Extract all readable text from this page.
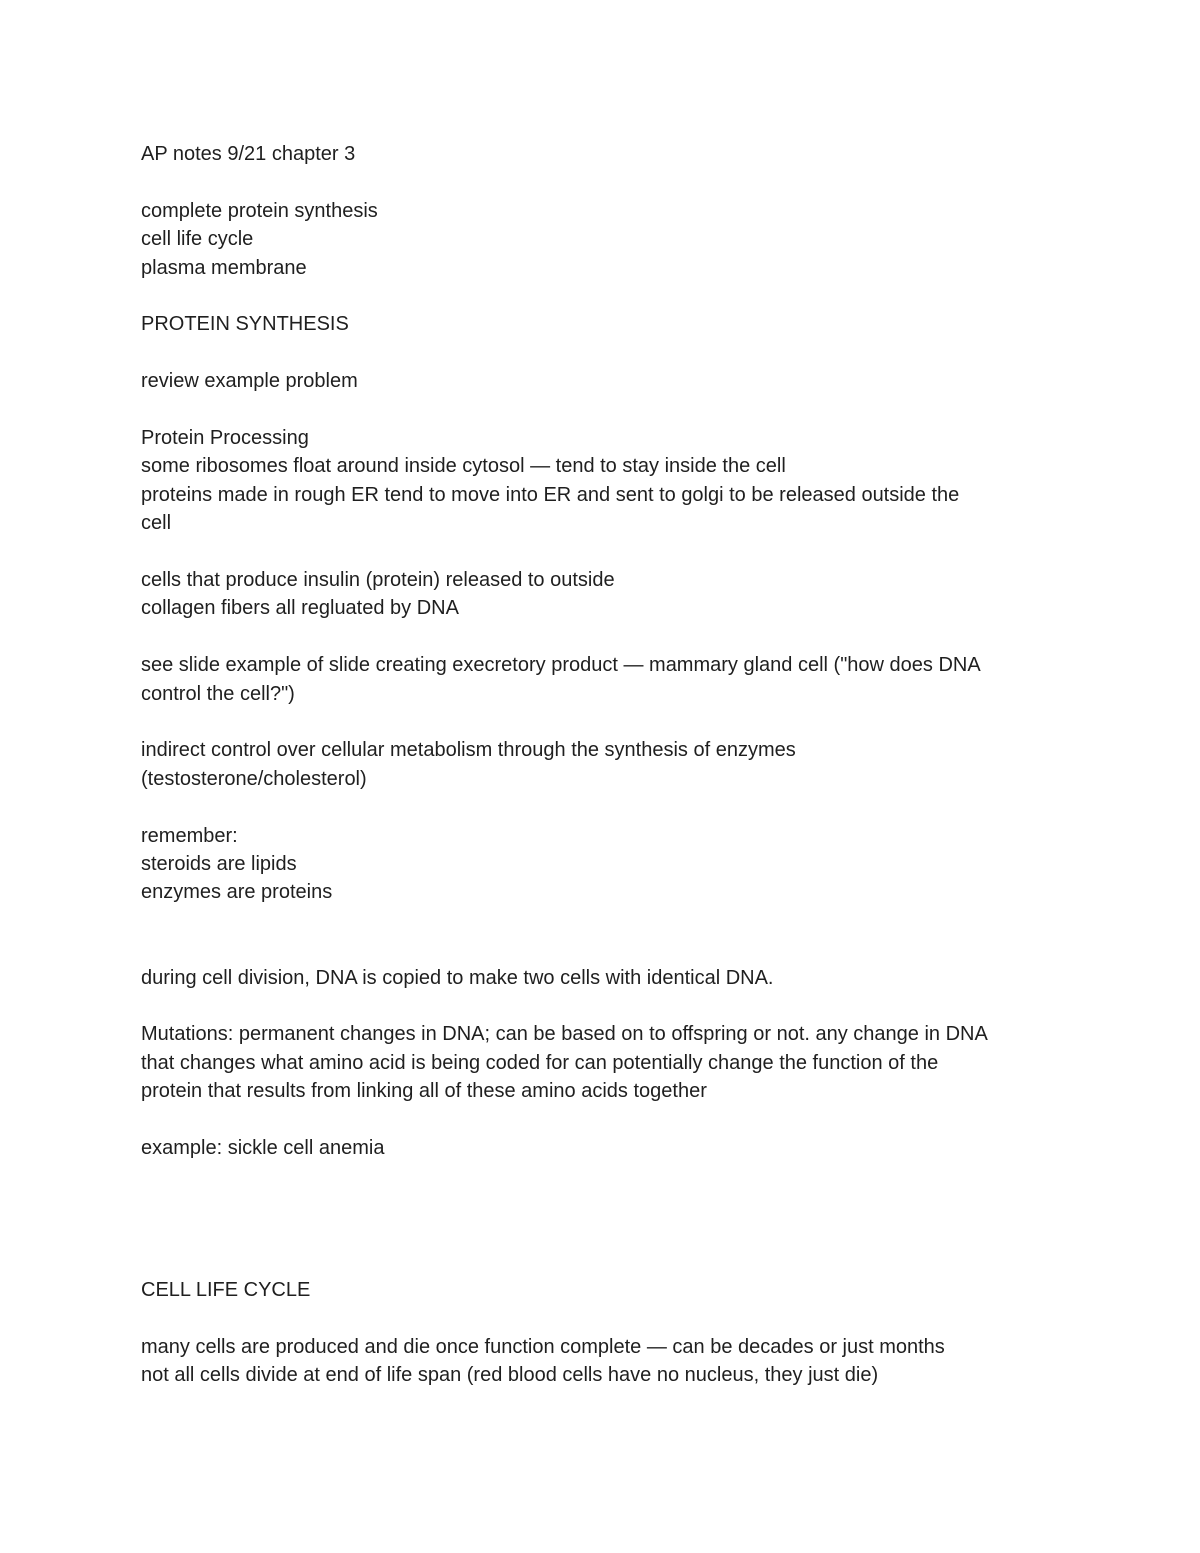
AP notes 9/21 chapter 3

complete protein synthesis

cell life cycle

plasma membrane

PROTEIN SYNTHESIS

review example problem

Protein Processing

some ribosomes float around inside cytosol — tend to stay inside the cell

proteins made in rough ER tend to move into ER and sent to golgi to be released outside the

cell

cells that produce insulin (protein) released to outside

collagen fibers all regluated by DNA

see slide example of slide creating execretory product — mammary gland cell ("how does DNA

control the cell?")

indirect control over cellular metabolism through the synthesis of enzymes

(testosterone/cholesterol)

remember:

steroids are lipids

enzymes are proteins

during cell division, DNA is copied to make two cells with identical DNA.

Mutations: permanent changes in DNA; can be based on to offspring or not. any change in DNA

that changes what amino acid is being coded for can potentially change the function of the

protein that results from linking all of these amino acids together

example: sickle cell anemia

CELL LIFE CYCLE

many cells are produced and die once function complete — can be decades or just months

not all cells divide at end of life span (red blood cells have no nucleus, they just die)
